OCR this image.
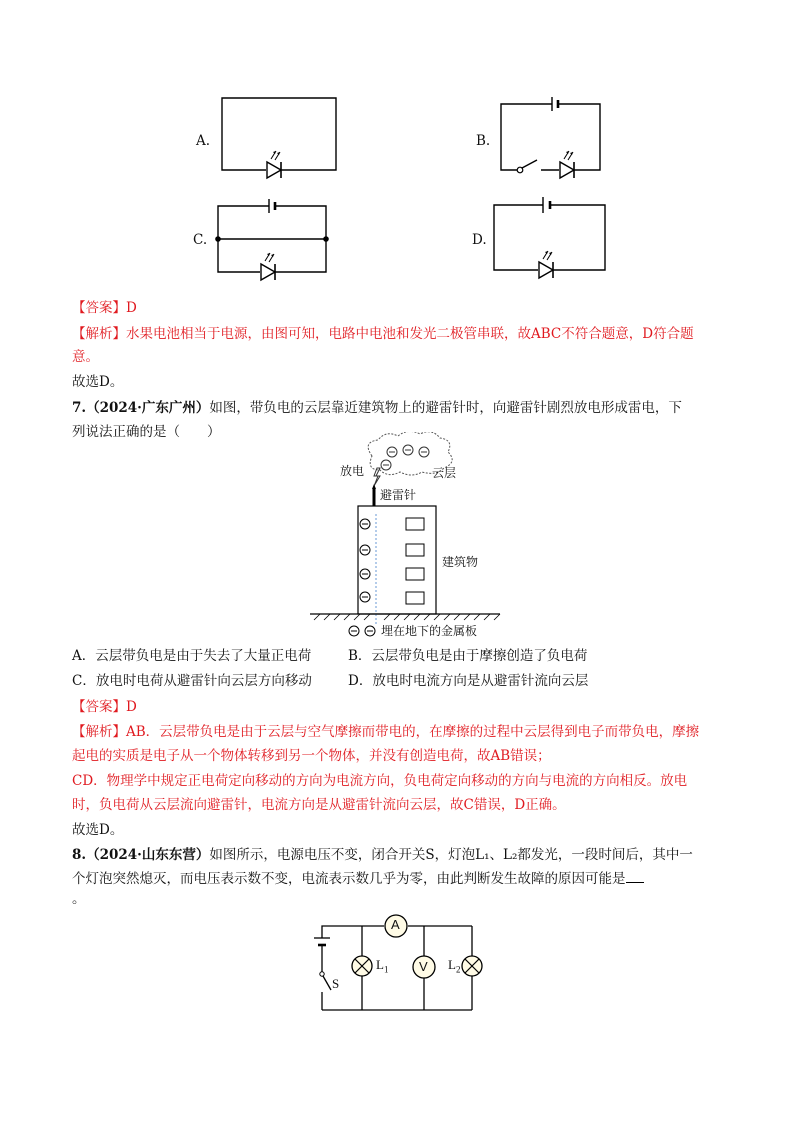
A.	B.
C.	D.
【答案】D
【解析】水果电池相当于电源，由图可知，电路中电池和发光二极管串联，故ABC不符合题意，D符合题
意。
故选D。
7.（2024·广东广州）如图，带负电的云层靠近建筑物上的避雷针时，向避雷针剧烈放电形成雷电，下
列说法正确的是（　　）
放电	云层
避雷针
建筑物
埋在地下的金属板
A．云层带负电是由于失去了大量正电荷	B．云层带负电是由于摩擦创造了负电荷
C．放电时电荷从避雷针向云层方向移动	D．放电时电流方向是从避雷针流向云层
【答案】D
【解析】AB．云层带负电是由于云层与空气摩擦而带电的，在摩擦的过程中云层得到电子而带负电，摩擦
起电的实质是电子从一个物体转移到另一个物体，并没有创造电荷，故AB错误；
CD．物理学中规定正电荷定向移动的方向为电流方向，负电荷定向移动的方向与电流的方向相反。放电
时，负电荷从云层流向避雷针，电流方向是从避雷针流向云层，故C错误，D正确。
故选D。
8.（2024·山东东营）如图所示，电源电压不变，闭合开关S，灯泡L₁、L₂都发光，一段时间后，其中一
个灯泡突然熄灭，而电压表示数不变，电流表示数几乎为零，由此判断发生故障的原因可能是
。
A
V
S
$L_1$	$L_2$
